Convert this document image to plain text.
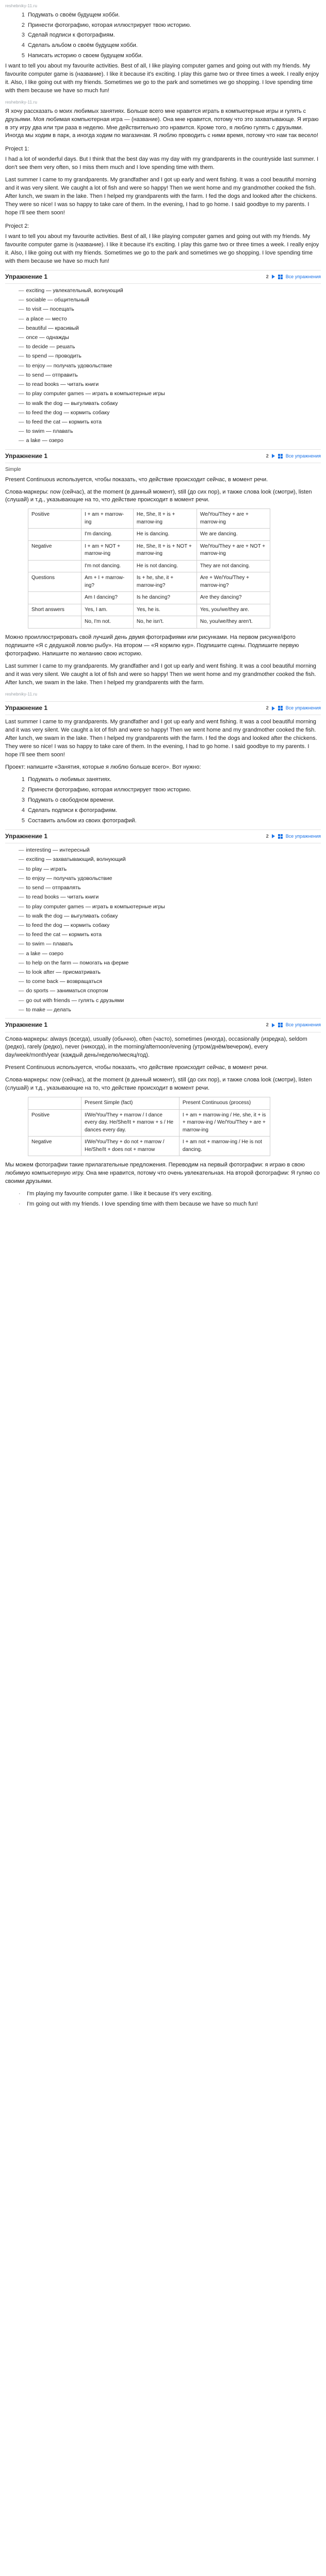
reshebniky-11.ru
1 Подумать о своём будущем хобби.
2 Принести фотографию, которая иллюстрирует твою историю.
3 Сделай подписи к фотографиям.
4 Сделать альбом о своём будущем хобби.
5 Написать историю о своем будущем хобби.

I want to tell you about my favourite activities. Best of all, I like playing computer games and going out with my friends. My favourite computer game is (название). I like it because it's exciting. I play this game two or three times a week. I really enjoy it. Also, I like going out with my friends. Sometimes we go to the park and sometimes we go shopping. I love spending time with them because we have so much fun!

reshebniky-11.ru

Я хочу рассказать о моих любимых занятиях. Больше всего мне нравится играть в компьютерные игры и гулять с друзьями. Моя любимая компьютерная игра — (название). Она мне нравится, потому что это захватывающе. Я играю в эту игру два или три раза в неделю. Мне действительно это нравится. Кроме того, я люблю гулять с друзьями. Иногда мы ходим в парк, а иногда ходим по магазинам. Я люблю проводить с ними время, потому что нам так весело!

Project 1:

I had a lot of wonderful days. But I think that the best day was my day with my grandparents in the countryside last summer. I don't see them very often, so I miss them much and I love spending time with them.

Last summer I came to my grandparents. My grandfather and I got up early and went fishing. It was a cool beautiful morning and it was very silent. We caught a lot of fish and were so happy! Then we went home and my grandmother cooked the fish. After lunch, we swam in the lake. Then I helped my grandparents with the farm. I fed the dogs and looked after the chickens. They were so nice! I was so happy to take care of them. In the evening, I had to go home. I said goodbye to my parents. I hope I'll see them soon!

Project 2:

I want to tell you about my favourite activities. Best of all, I like playing computer games and going out with my friends. My favourite computer game is (название). I like it because it's exciting. I play this game two or three times a week. I really enjoy it. Also, I like going out with my friends. Sometimes we go to the park and sometimes we go shopping. I love spending time with them because we have so much fun!

Упражнение 1	2	Все упражнения
— exciting — увлекательный, волнующий
— sociable — общительный
— to visit — посещать
— a place — место
— beautiful — красивый
— once — однажды
— to decide — решать
— to spend — проводить
— to enjoy — получать удовольствие
— to send — отправить
— to read books — читать книги
— to play computer games — играть в компьютерные игры
— to walk the dog — выгуливать собаку
— to feed the dog — кормить собаку
— to feed the cat — кормить кота
— to swim — плавать
— a lake — озеро
Упражнение 1	2	Все упражнения
Simple

Present Continuous используется, чтобы показать, что действие происходит сейчас, в момент речи.

Слова-маркеры: now (сейчас), at the moment (в данный момент), still (до сих пор), и также слова look (смотри), listen (слушай) и т.д., указывающие на то, что действие происходит в момент речи.

Positive	I + am + marrow-ing	He, She, It + is + marrow-ing	We/You/They + are + marrow-ing
	I'm dancing.	He is dancing.	We are dancing.
Negative	I + am + NOT + marrow-ing	He, She, It + is + NOT + marrow-ing	We/You/They + are + NOT + marrow-ing
	I'm not dancing.	He is not dancing.	They are not dancing.
Questions	Am + I + marrow-ing?	Is + he, she, it + marrow-ing?	Are + We/You/They + marrow-ing?
	Am I dancing?	Is he dancing?	Are they dancing?
Short answers	Yes, I am.	Yes, he is.	Yes, you/we/they are.
	No, I'm not.	No, he isn't.	No, you/we/they aren't.

Можно проиллюстрировать свой лучший день двумя фотографиями или рисунками. На первом рисунке/фото подпишите «Я с дедушкой ловлю рыбу». На втором — «Я кормлю кур». Подпишите сцены. Подпишите первую фотографию. Напишите по желанию свою историю.

Last summer I came to my grandparents. My grandfather and I got up early and went fishing. It was a cool beautiful morning and it was very silent. We caught a lot of fish and were so happy! Then we went home and my grandmother cooked the fish. After lunch, we swam in the lake. Then I helped my grandparents with the farm.

reshebniky-11.ru
Упражнение 1	2	Все упражнения

Last summer I came to my grandparents. My grandfather and I got up early and went fishing. It was a cool beautiful morning and it was very silent. We caught a lot of fish and were so happy! Then we went home and my grandmother cooked the fish. After lunch, we swam in the lake. Then I helped my grandparents with the farm. I fed the dogs and looked after the chickens. They were so nice! I was so happy to take care of them. In the evening, I had to go home. I said goodbye to my parents. I hope I'll see them soon!

Проект: напишите «Занятия, которые я люблю больше всего». Вот нужно:

1 Подумать о любимых занятиях.
2 Принести фотографию, которая иллюстрирует твою историю.
3 Подумать о свободном времени.
4 Сделать подписи к фотографиям.
5 Составить альбом из своих фотографий.
Упражнение 1	2	Все упражнения
— interesting — интересный
— exciting — захватывающий, волнующий
— to play — играть
— to enjoy — получать удовольствие
— to send — отправлять
— to read books — читать книги
— to play computer games — играть в компьютерные игры
— to walk the dog — выгуливать собаку
— to feed the dog — кормить собаку
— to feed the cat — кормить кота
— to swim — плавать
— a lake — озеро
— to help on the farm — помогать на ферме
— to look after — присматривать
— to come back — возвращаться
— do sports — заниматься спортом
— go out with friends — гулять с друзьями
— to make — делать
Упражнение 1	2	Все упражнения

Слова-маркеры: always (всегда), usually (обычно), often (часто), sometimes (иногда), occasionally (изредка), seldom (редко), rarely (редко), never (никогда), in the morning/afternoon/evening (утром/днём/вечером), every day/week/month/year (каждый день/неделю/месяц/год).

Present Continuous используется, чтобы показать, что действие происходит сейчас, в момент речи.

Слова-маркеры: now (сейчас), at the moment (в данный момент), still (до сих пор), и также слова look (смотри), listen (слушай) и т.д., указывающие на то, что действие происходит в момент речи.

	Present Simple (fact)	Present Continuous (process)
Positive	I/We/You/They + marrow / I dance every day. He/She/It + marrow + s / He dances every day.	I + am + marrow-ing / He, she, it + is + marrow-ing / We/You/They + are + marrow-ing
Negative	I/We/You/They + do not + marrow / He/She/It + does not + marrow	I + am not + marrow-ing / He is not dancing.

Мы можем фотографии такие прилагательные предложения. Переводим на первый фотографии: я играю в свою любимую компьютерную игру. Она мне нравится, потому что очень увлекательная. На второй фотографии: Я гуляю со своими друзьями.

·	I'm playing my favourite computer game. I like it because it's very exciting.
·	I'm going out with my friends. I love spending time with them because we have so much fun!
